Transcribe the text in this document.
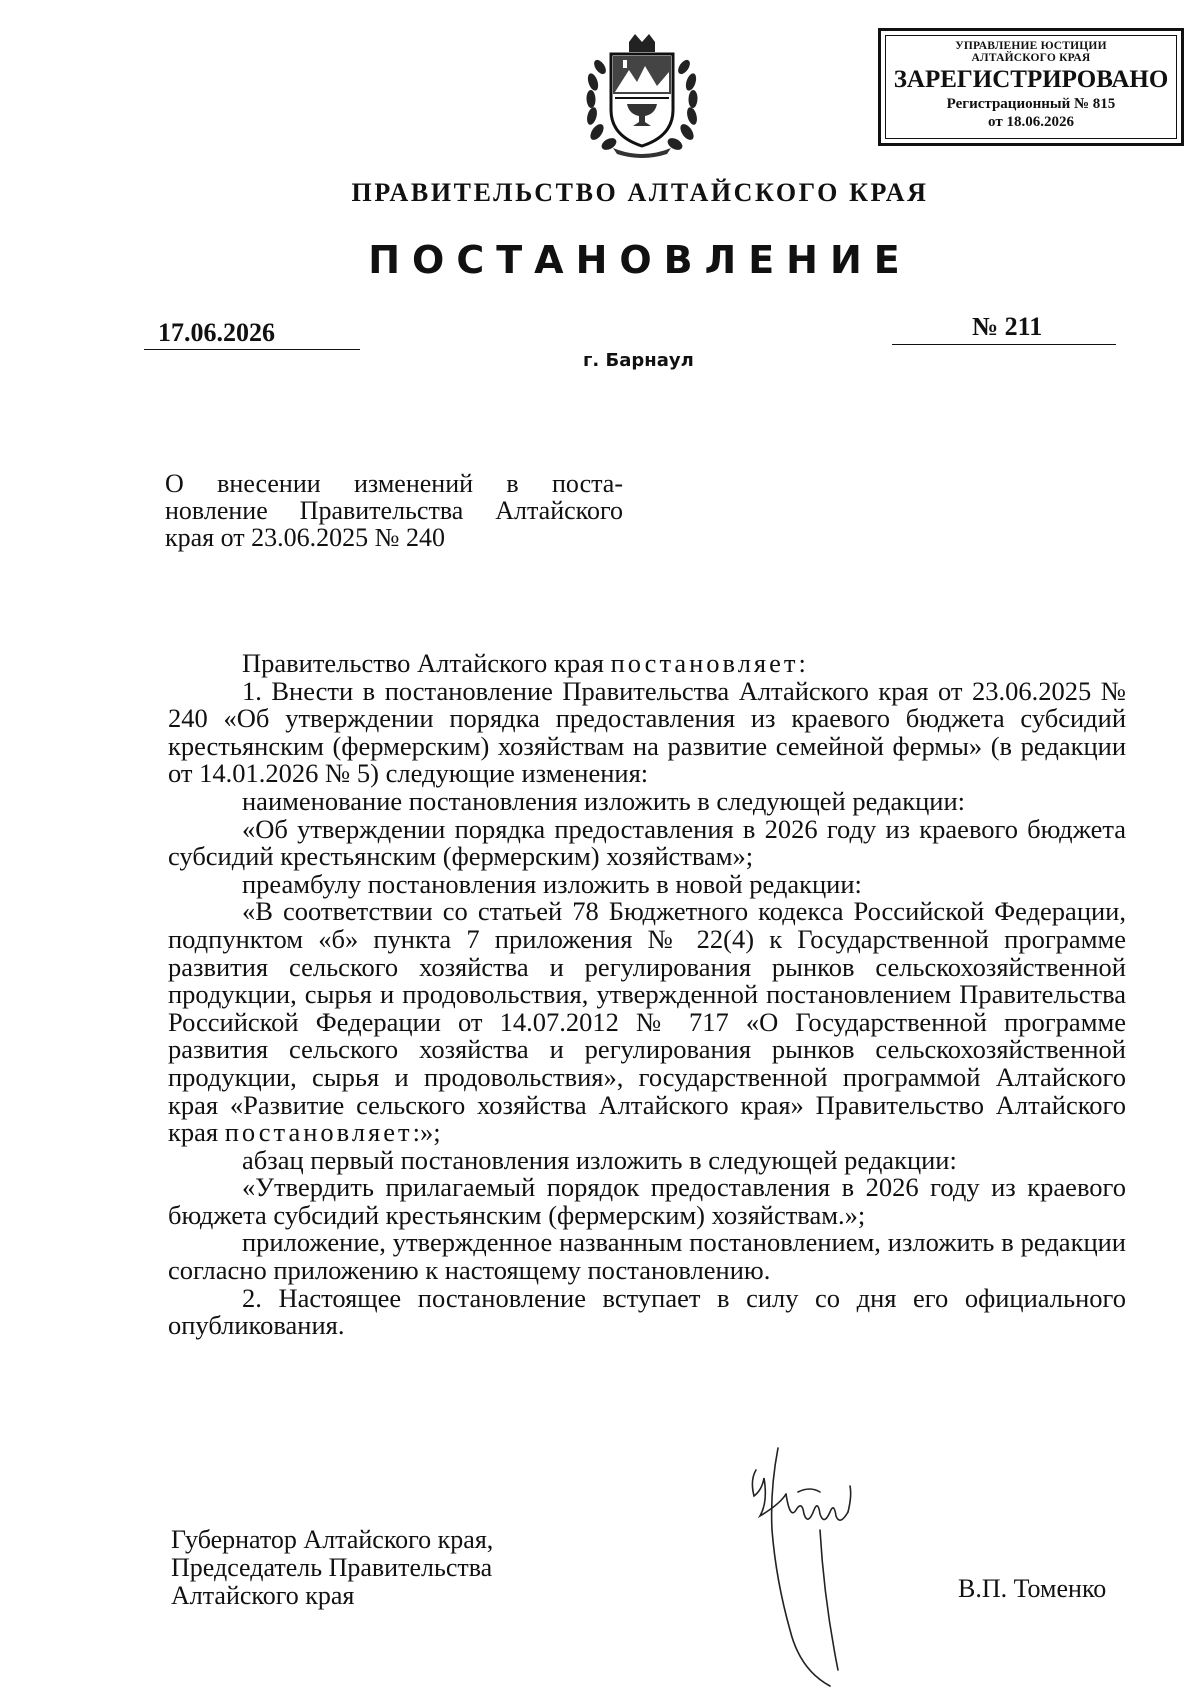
УПРАВЛЕНИЕ ЮСТИЦИИ
АЛТАЙСКОГО КРАЯ
ЗАРЕГИСТРИРОВАНО
Регистрационный № 815
от 18.06.2026
ПРАВИТЕЛЬСТВО АЛТАЙСКОГО КРАЯ
ПОСТАНОВЛЕНИЕ
17.06.2026	№ 211
г. Барнаул
О внесении изменений в поста-
новление Правительства Алтайского
края от 23.06.2025 № 240

Правительство Алтайского края постановляет:

1. Внести в постановление Правительства Алтайского края от 23.06.2025 № 240 «Об утверждении порядка предоставления из краевого бюджета субсидий крестьянским (фермерским) хозяйствам на развитие семейной фермы» (в редакции от 14.01.2026 № 5) следующие изменения:

наименование постановления изложить в следующей редакции:

«Об утверждении порядка предоставления в 2026 году из краевого бюджета субсидий крестьянским (фермерским) хозяйствам»;

преамбулу постановления изложить в новой редакции:

«В соответствии со статьей 78 Бюджетного кодекса Российской Федерации, подпунктом «б» пункта 7 приложения № 22(4) к Государственной программе развития сельского хозяйства и регулирования рынков сельскохозяйственной продукции, сырья и продовольствия, утвержденной постановлением Правительства Российской Федерации от 14.07.2012 № 717 «О Государственной программе развития сельского хозяйства и регулирования рынков сельскохозяйственной продукции, сырья и продовольствия», государственной программой Алтайского края «Развитие сельского хозяйства Алтайского края» Правительство Алтайского края постановляет:»;

абзац первый постановления изложить в следующей редакции:

«Утвердить прилагаемый порядок предоставления в 2026 году из краевого бюджета субсидий крестьянским (фермерским) хозяйствам.»;

приложение, утвержденное названным постановлением, изложить в редакции согласно приложению к настоящему постановлению.

2. Настоящее постановление вступает в силу со дня его официального опубликования.

Губернатор Алтайского края,
Председатель Правительства
Алтайского края	В.П. Томенко
